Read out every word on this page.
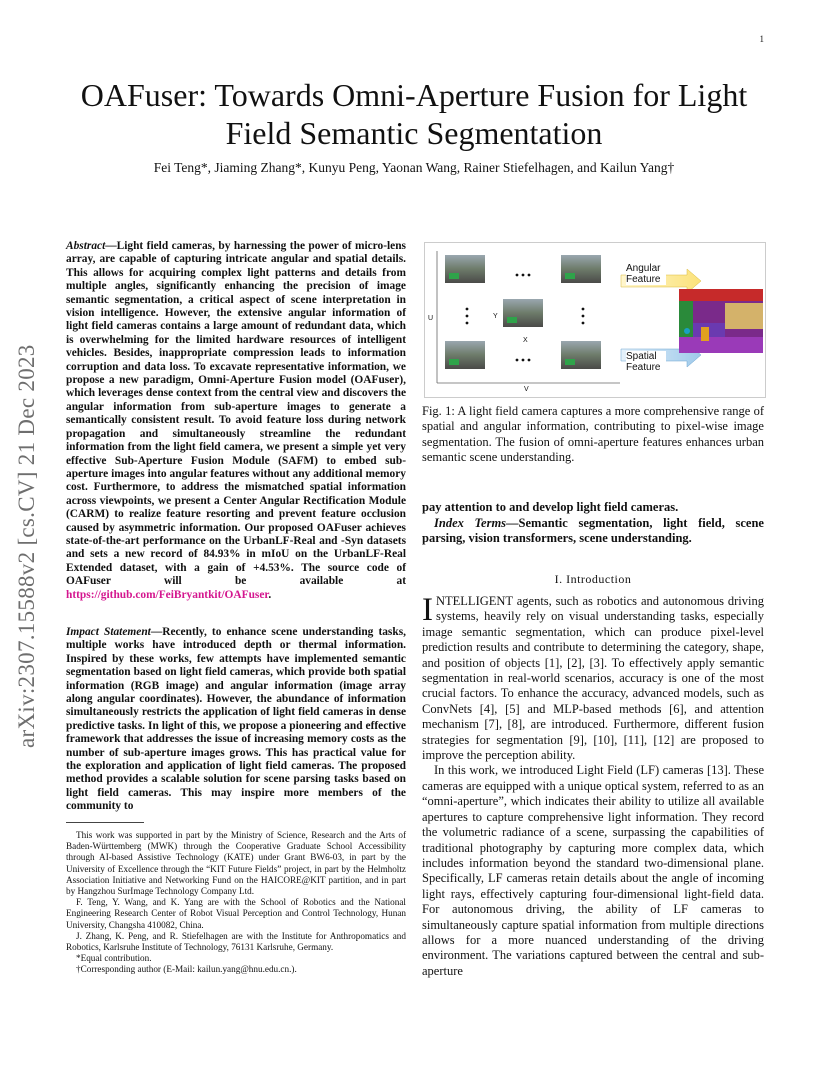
1
arXiv:2307.15588v2 [cs.CV] 21 Dec 2023
OAFuser: Towards Omni-Aperture Fusion for Light Field Semantic Segmentation
Fei Teng*, Jiaming Zhang*, Kunyu Peng, Yaonan Wang, Rainer Stiefelhagen, and Kailun Yang†
Abstract—Light field cameras, by harnessing the power of micro-lens array, are capable of capturing intricate angular and spatial details. This allows for acquiring complex light patterns and details from multiple angles, significantly enhancing the precision of image semantic segmentation, a critical aspect of scene interpretation in vision intelligence. However, the extensive angular information of light field cameras contains a large amount of redundant data, which is overwhelming for the limited hardware resources of intelligent vehicles. Besides, inappropriate compression leads to information corruption and data loss. To excavate representative information, we propose a new paradigm, Omni-Aperture Fusion model (OAFuser), which leverages dense context from the central view and discovers the angular information from sub-aperture images to generate a semantically consistent result. To avoid feature loss during network propagation and simultaneously streamline the redundant information from the light field camera, we present a simple yet very effective Sub-Aperture Fusion Module (SAFM) to embed sub-aperture images into angular features without any additional memory cost. Furthermore, to address the mismatched spatial information across viewpoints, we present a Center Angular Rectification Module (CARM) to realize feature resorting and prevent feature occlusion caused by asymmetric information. Our proposed OAFuser achieves state-of-the-art performance on the UrbanLF-Real and -Syn datasets and sets a new record of 84.93% in mIoU on the UrbanLF-Real Extended dataset, with a gain of +4.53%. The source code of OAFuser will be available at https://github.com/FeiBryantkit/OAFuser.
Impact Statement—Recently, to enhance scene understanding tasks, multiple works have introduced depth or thermal information. Inspired by these works, few attempts have implemented semantic segmentation based on light field cameras, which provide both spatial information (RGB image) and angular information (image array along angular coordinates). However, the abundance of information simultaneously restricts the application of light field cameras in dense predictive tasks. In light of this, we propose a pioneering and effective framework that addresses the issue of increasing memory costs as the number of sub-aperture images grows. This has practical value for the exploration and application of light field cameras. The proposed method provides a scalable solution for scene parsing tasks based on light field cameras. This may inspire more members of the community to

This work was supported in part by the Ministry of Science, Research and the Arts of Baden-Württemberg (MWK) through the Cooperative Graduate School Accessibility through AI-based Assistive Technology (KATE) under Grant BW6-03, in part by the University of Excellence through the “KIT Future Fields” project, in part by the Helmholtz Association Initiative and Networking Fund on the HAICORE@KIT partition, and in part by Hangzhou SurImage Technology Company Ltd.

F. Teng, Y. Wang, and K. Yang are with the School of Robotics and the National Engineering Research Center of Robot Visual Perception and Control Technology, Hunan University, Changsha 410082, China.

J. Zhang, K. Peng, and R. Stiefelhagen are with the Institute for Anthropomatics and Robotics, Karlsruhe Institute of Technology, 76131 Karlsruhe, Germany.

*Equal contribution.

†Corresponding author (E-Mail: kailun.yang@hnu.edu.cn.).

U
V
X
Y
Angular Feature
Spatial Feature
Fig. 1: A light field camera captures a more comprehensive range of spatial and angular information, contributing to pixel-wise image segmentation. The fusion of omni-aperture features enhances urban semantic scene understanding.
pay attention to and develop light field cameras.
Index Terms—Semantic segmentation, light field, scene parsing, vision transformers, scene understanding.
I. Introduction

INTELLIGENT agents, such as robotics and autonomous driving systems, heavily rely on visual understanding tasks, especially image semantic segmentation, which can produce pixel-level prediction results and contribute to determining the category, shape, and position of objects [1], [2], [3]. To effectively apply semantic segmentation in real-world scenarios, accuracy is one of the most crucial factors. To enhance the accuracy, advanced models, such as ConvNets [4], [5] and MLP-based methods [6], and attention mechanism [7], [8], are introduced. Furthermore, different fusion strategies for segmentation [9], [10], [11], [12] are proposed to improve the perception ability.

In this work, we introduced Light Field (LF) cameras [13]. These cameras are equipped with a unique optical system, referred to as an “omni-aperture”, which indicates their ability to utilize all available apertures to capture comprehensive light information. They record the volumetric radiance of a scene, surpassing the capabilities of traditional photography by capturing more complex data, which includes information beyond the standard two-dimensional plane. Specifically, LF cameras retain details about the angle of incoming light rays, effectively capturing four-dimensional light-field data. For autonomous driving, the ability of LF cameras to simultaneously capture spatial information from multiple directions allows for a more nuanced understanding of the driving environment. The variations captured between the central and sub-aperture
